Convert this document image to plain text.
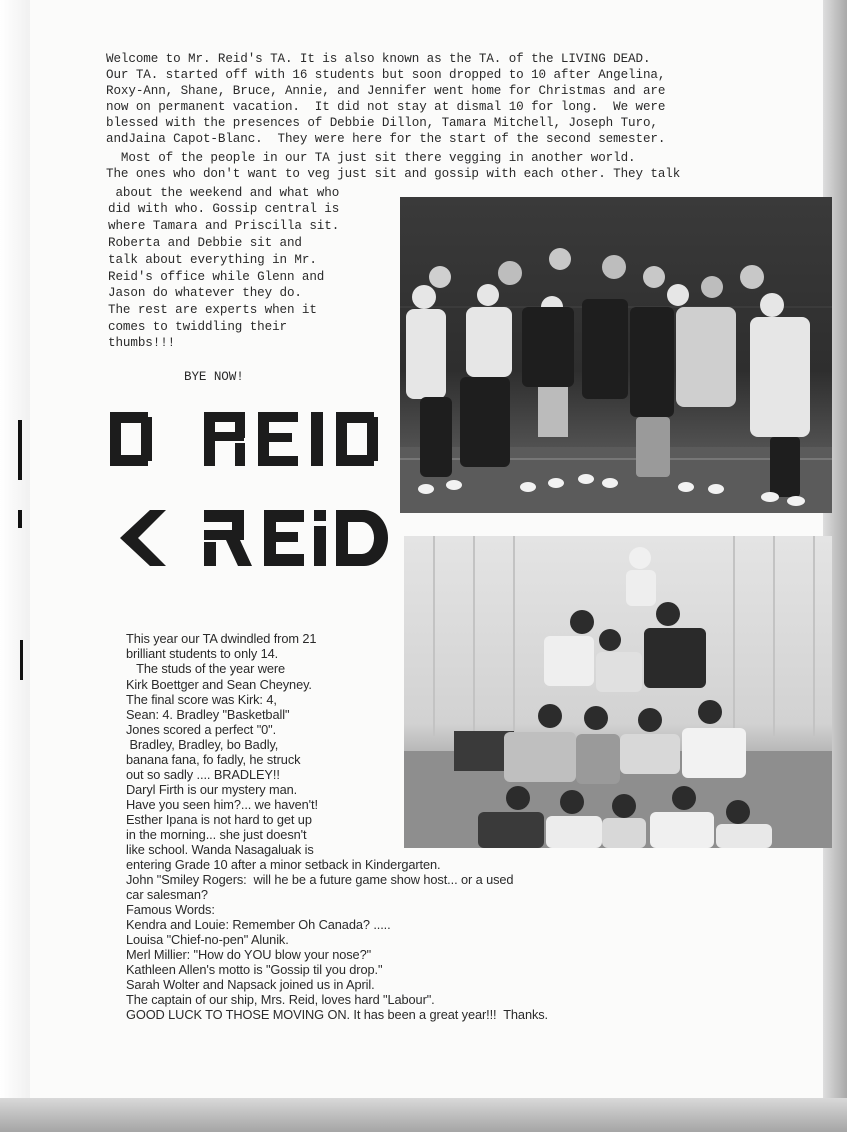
Welcome to Mr. Reid's TA. It is also known as the TA. of the LIVING DEAD.
Our TA. started off with 16 students but soon dropped to 10 after Angelina,
Roxy-Ann, Shane, Bruce, Annie, and Jennifer went home for Christmas and are
now on permanent vacation.  It did not stay at dismal 10 for long.  We were
blessed with the presences of Debbie Dillon, Tamara Mitchell, Joseph Turo,
andJaina Capot-Blanc.  They were here for the start of the second semester.
Most of the people in our TA just sit there vegging in another world.
The ones who don't want to veg just sit and gossip with each other. They talk
about the weekend and what who
did with who. Gossip central is
where Tamara and Priscilla sit.
Roberta and Debbie sit and
talk about everything in Mr.
Reid's office while Glenn and
Jason do whatever they do.
The rest are experts when it
comes to twiddling their
thumbs!!!
BYE NOW!
D REID
K REID
This year our TA dwindled from 21
brilliant students to only 14.
The studs of the year were
Kirk Boettger and Sean Cheyney.
The final score was Kirk: 4,
Sean: 4. Bradley "Basketball"
Jones scored a perfect "0".
Bradley, Bradley, bo Badly,
banana fana, fo fadly, he struck
out so sadly .... BRADLEY!!
Daryl Firth is our mystery man.
Have you seen him?... we haven't!
Esther Ipana is not hard to get up
in the morning... she just doesn't
like school. Wanda Nasagaluak is
entering Grade 10 after a minor setback in Kindergarten.
John "Smiley Rogers:  will he be a future game show host... or a used
car salesman?
Famous Words:
Kendra and Louie: Remember Oh Canada? .....
Louisa "Chief-no-pen" Alunik.
Merl Millier: "How do YOU blow your nose?"
Kathleen Allen's motto is "Gossip til you drop."
Sarah Wolter and Napsack joined us in April.
The captain of our ship, Mrs. Reid, loves hard "Labour".
GOOD LUCK TO THOSE MOVING ON. It has been a great year!!!  Thanks.
